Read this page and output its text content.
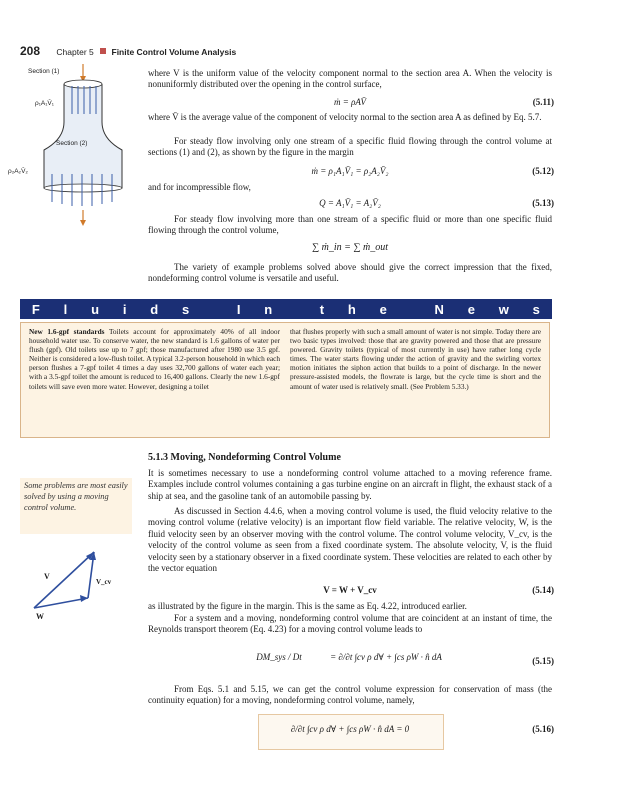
208 Chapter 5 Finite Control Volume Analysis
Section (1)
ρ₁A₁V̄₁
Section (2)
ρ₂A₂V̄₂
where V is the uniform value of the velocity component normal to the section area A. When the velocity is nonuniformly distributed over the opening in the control surface,
ṁ = ρAV̄	(5.11)
where V̄ is the average value of the component of velocity normal to the section area A as defined by Eq. 5.7.
For steady flow involving only one stream of a specific fluid flowing through the control volume at sections (1) and (2), as shown by the figure in the margin
ṁ = ρ₁A₁V̄₁ = ρ₂A₂V̄₂	(5.12)
and for incompressible flow,
Q = A₁V̄₁ = A₂V̄₂	(5.13)
For steady flow involving more than one stream of a specific fluid or more than one specific fluid flowing through the control volume,
∑ ṁ_in = ∑ ṁ_out
The variety of example problems solved above should give the correct impression that the fixed, nondeforming control volume is versatile and useful.
F l u i d s	I n	t h e	N e w s
New 1.6-gpf standards Toilets account for approximately 40% of all indoor household water use. To conserve water, the new standard is 1.6 gallons of water per flush (gpf). Old toilets use up to 7 gpf; those manufactured after 1980 use 3.5 gpf. Neither is considered a low-flush toilet. A typical 3.2-person household in which each person flushes a 7-gpf toilet 4 times a day uses 32,700 gallons of water each year; with a 3.5-gpf toilet the amount is reduced to 16,400 gallons. Clearly the new 1.6-gpf toilets will save even more water. However, designing a toilet
that flushes properly with such a small amount of water is not simple. Today there are two basic types involved: those that are gravity powered and those that are pressure powered. Gravity toilets (typical of most currently in use) have rather long cycle times. The water starts flowing under the action of gravity and the swirling vortex motion initiates the siphon action that builds to a point of discharge. In the newer pressure-assisted models, the flowrate is large, but the cycle time is short and the amount of water used is relatively small. (See Problem 5.33.)
5.1.3 Moving, Nondeforming Control Volume
Some problems are most easily solved by using a moving control volume.
It is sometimes necessary to use a nondeforming control volume attached to a moving reference frame. Examples include control volumes containing a gas turbine engine on an aircraft in flight, the exhaust stack of a ship at sea, and the gasoline tank of an automobile passing by.
As discussed in Section 4.4.6, when a moving control volume is used, the fluid velocity relative to the moving control volume (relative velocity) is an important flow field variable. The relative velocity, W, is the fluid velocity seen by an observer moving with the control volume. The control volume velocity, V_cv, is the velocity of the control volume as seen from a fixed coordinate system. The absolute velocity, V, is the fluid velocity seen by a stationary observer in a fixed coordinate system. These velocities are related to each other by the vector equation
V = W + V_cv	(5.14)
as illustrated by the figure in the margin. This is the same as Eq. 4.22, introduced earlier.
For a system and a moving, nondeforming control volume that are coincident at an instant of time, the Reynolds transport theorem (Eq. 4.23) for a moving control volume leads to
DM_sys / Dt	= ∂/∂t ∫cv ρ d∀ + ∫cs ρW · n̂ dA	(5.15)
From Eqs. 5.1 and 5.15, we can get the control volume expression for conservation of mass (the continuity equation) for a moving, nondeforming control volume, namely,
∂/∂t ∫cv ρ d∀ + ∫cs ρW · n̂ dA = 0	(5.16)
V
W
V_cv
